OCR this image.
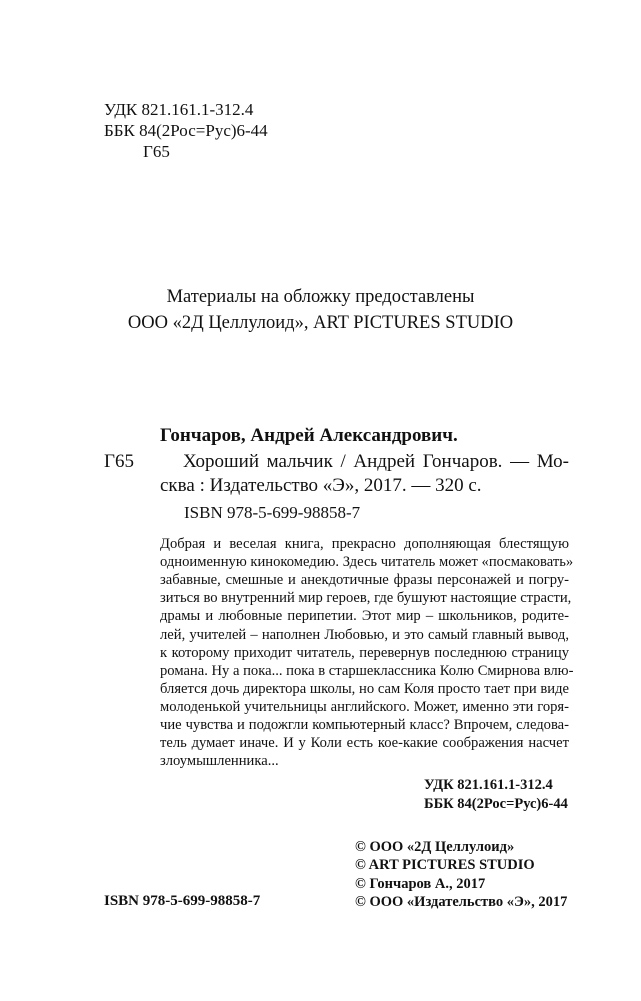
УДК 821.161.1-312.4
ББК 84(2Рос=Рус)6-44
Г65
Материалы на обложку предоставлены
ООО «2Д Целлулоид», ART PICTURES STUDIO
Гончаров, Андрей Александрович.
Г65	Хороший мальчик / Андрей Гончаров. — Мо-
сква : Издательство «Э», 2017. — 320 с.
ISBN 978-5-699-98858-7
Добрая и веселая книга, прекрасно дополняющая блестящую
одноименную кинокомедию. Здесь читатель может «посмаковать»
забавные, смешные и анекдотичные фразы персонажей и погру-
зиться во внутренний мир героев, где бушуют настоящие страсти,
драмы и любовные перипетии. Этот мир – школьников, родите-
лей, учителей – наполнен Любовью, и это самый главный вывод,
к которому приходит читатель, перевернув последнюю страницу
романа. Ну а пока... пока в старшеклассника Колю Смирнова влю-
бляется дочь директора школы, но сам Коля просто тает при виде
молоденькой учительницы английского. Может, именно эти горя-
чие чувства и подожгли компьютерный класс? Впрочем, следова-
тель думает иначе. И у Коли есть кое-какие соображения насчет
злоумышленника...
УДК 821.161.1-312.4
ББК 84(2Рос=Рус)6-44
© ООО «2Д Целлулоид»
© ART PICTURES STUDIO
© Гончаров А., 2017
© ООО «Издательство «Э», 2017
ISBN 978-5-699-98858-7
